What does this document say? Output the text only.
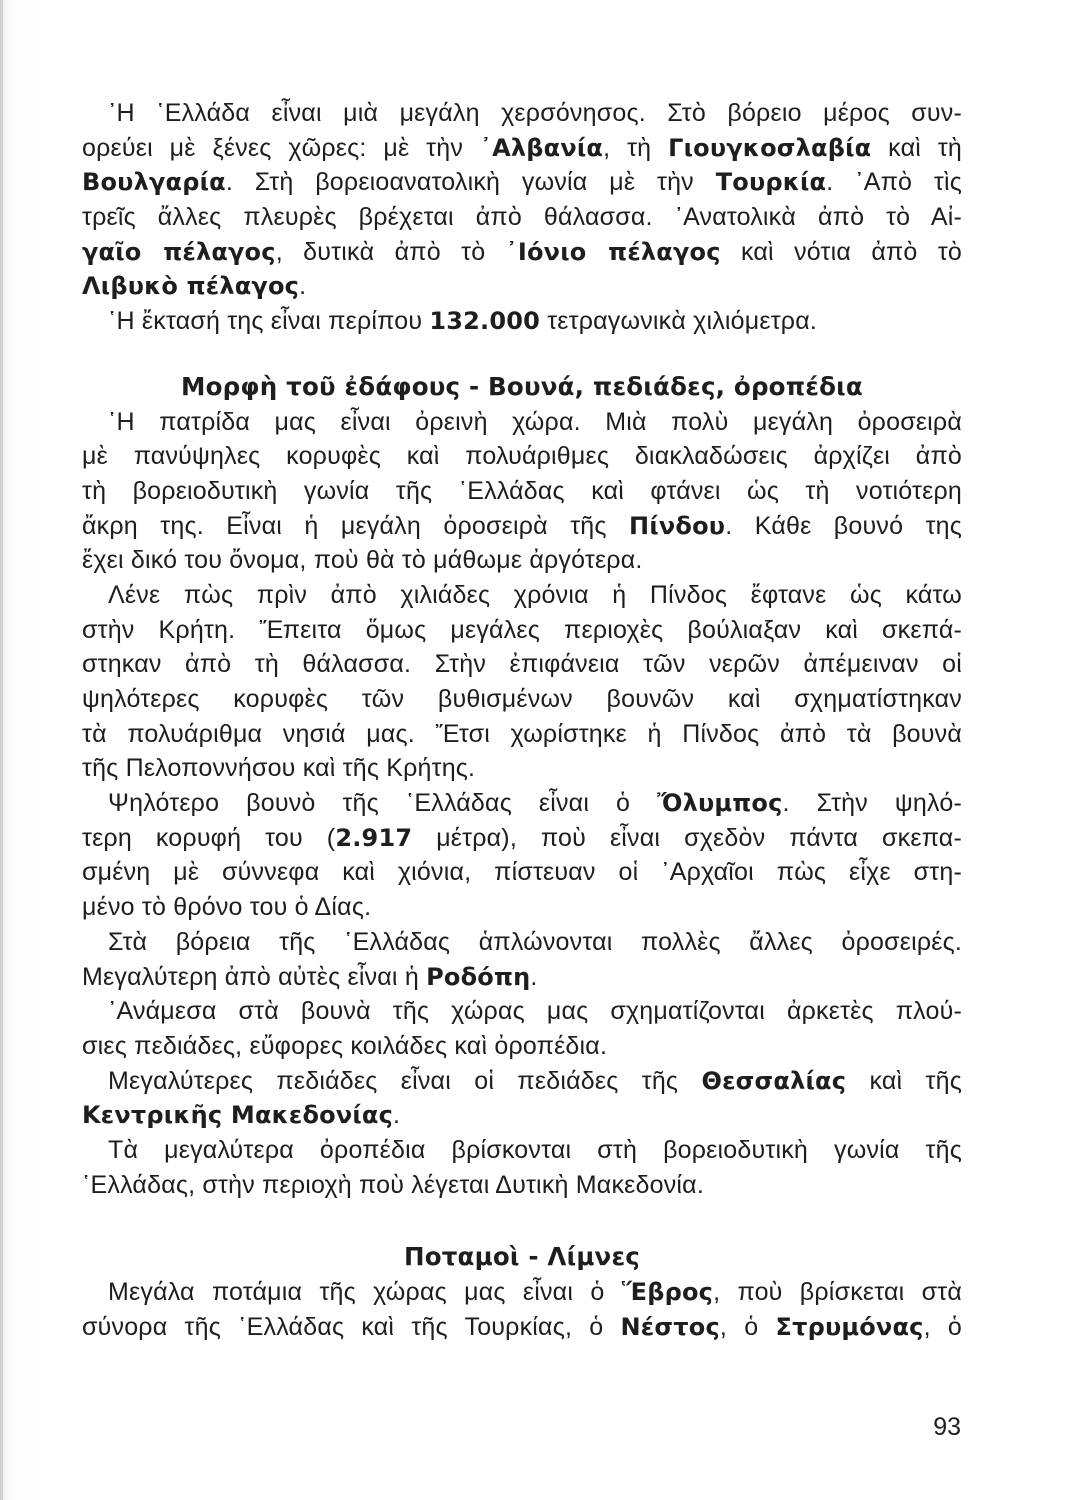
᾽Η ῾Ελλάδα εἶναι μιὰ μεγάλη χερσόνησος. Στὸ βόρειο μέρος συν-
ορεύει μὲ ξένες χῶρες: μὲ τὴν ᾽Αλβανία, τὴ Γιουγκοσλαβία καὶ τὴ
Βουλγαρία. Στὴ βορειοανατολικὴ γωνία μὲ τὴν Τουρκία. ᾽Απὸ τὶς
τρεῖς ἄλλες πλευρὲς βρέχεται ἀπὸ θάλασσα. ᾽Ανατολικὰ ἀπὸ τὸ Αἰ-
γαῖο πέλαγος, δυτικὰ ἀπὸ τὸ ᾽Ιόνιο πέλαγος καὶ νότια ἀπὸ τὸ
Λιβυκὸ πέλαγος.
῾Η ἔκτασή της εἶναι περίπου 132.000 τετραγωνικὰ χιλιόμετρα.
Μορφὴ τοῦ ἐδάφους - Βουνά, πεδιάδες, ὀροπέδια
῾Η πατρίδα μας εἶναι ὀρεινὴ χώρα. Μιὰ πολὺ μεγάλη ὀροσειρὰ
μὲ πανύψηλες κορυφὲς καὶ πολυάριθμες διακλαδώσεις ἀρχίζει ἀπὸ
τὴ βορειοδυτικὴ γωνία τῆς ῾Ελλάδας καὶ φτάνει ὡς τὴ νοτιότερη
ἄκρη της. Εἶναι ἡ μεγάλη ὀροσειρὰ τῆς Πίνδου. Κάθε βουνό της
ἔχει δικό του ὄνομα, ποὺ θὰ τὸ μάθωμε ἀργότερα.
Λένε πὼς πρὶν ἀπὸ χιλιάδες χρόνια ἡ Πίνδος ἔφτανε ὡς κάτω
στὴν Κρήτη. Ἔπειτα ὅμως μεγάλες περιοχὲς βούλιαξαν καὶ σκεπά-
στηκαν ἀπὸ τὴ θάλασσα. Στὴν ἐπιφάνεια τῶν νερῶν ἀπέμειναν οἱ
ψηλότερες κορυφὲς τῶν βυθισμένων βουνῶν καὶ σχηματίστηκαν
τὰ πολυάριθμα νησιά μας. Ἔτσι χωρίστηκε ἡ Πίνδος ἀπὸ τὰ βουνὰ
τῆς Πελοποννήσου καὶ τῆς Κρήτης.
Ψηλότερο βουνὸ τῆς ῾Ελλάδας εἶναι ὁ Ὄλυμπος. Στὴν ψηλό-
τερη κορυφή του (2.917 μέτρα), ποὺ εἶναι σχεδὸν πάντα σκεπα-
σμένη μὲ σύννεφα καὶ χιόνια, πίστευαν οἱ ᾽Αρχαῖοι πὼς εἶχε στη-
μένο τὸ θρόνο του ὁ Δίας.
Στὰ βόρεια τῆς ῾Ελλάδας ἁπλώνονται πολλὲς ἄλλες ὀροσειρές.
Μεγαλύτερη ἀπὸ αὐτὲς εἶναι ἡ Ροδόπη.
᾽Ανάμεσα στὰ βουνὰ τῆς χώρας μας σχηματίζονται ἀρκετὲς πλού-
σιες πεδιάδες, εὔφορες κοιλάδες καὶ ὀροπέδια.
Μεγαλύτερες πεδιάδες εἶναι οἱ πεδιάδες τῆς Θεσσαλίας καὶ τῆς
Κεντρικῆς Μακεδονίας.
Τὰ μεγαλύτερα ὀροπέδια βρίσκονται στὴ βορειοδυτικὴ γωνία τῆς
῾Ελλάδας, στὴν περιοχὴ ποὺ λέγεται Δυτικὴ Μακεδονία.
Ποταμοὶ - Λίμνες
Μεγάλα ποτάμια τῆς χώρας μας εἶναι ὁ Ἕβρος, ποὺ βρίσκεται στὰ
σύνορα τῆς ῾Ελλάδας καὶ τῆς Τουρκίας, ὁ Νέστος, ὁ Στρυμόνας, ὁ
93
